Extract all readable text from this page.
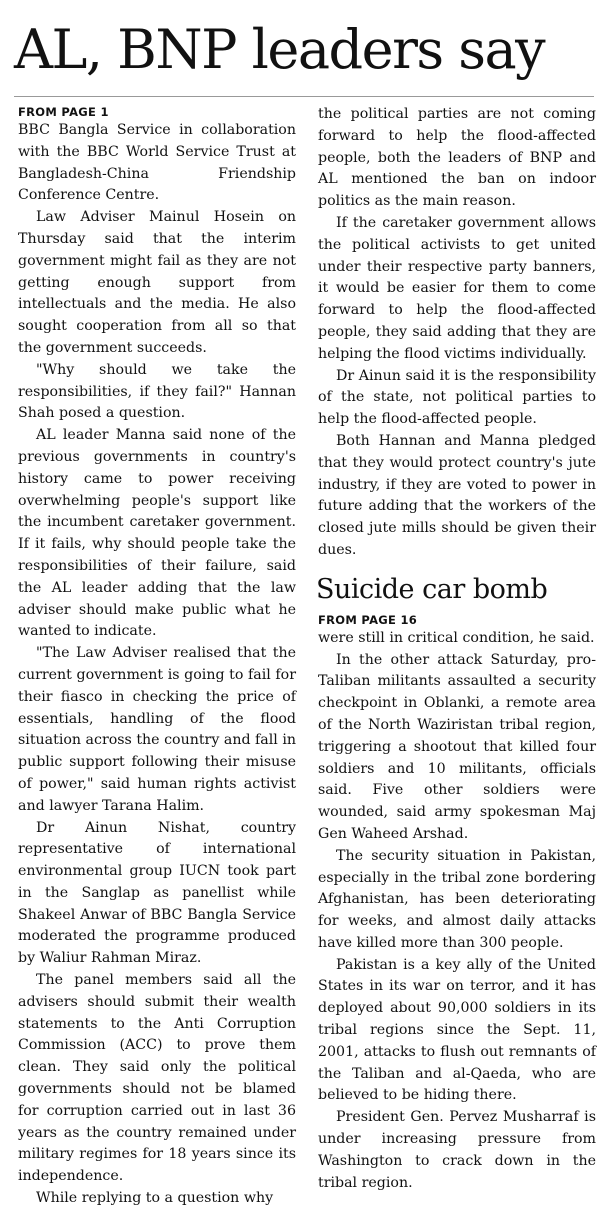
AL, BNP leaders say
FROM PAGE 1

BBC Bangla Service in collaboration with the BBC World Service Trust at Bangladesh-China Friendship Conference Centre.

Law Adviser Mainul Hosein on Thursday said that the interim government might fail as they are not getting enough support from intellectuals and the media. He also sought cooperation from all so that the government succeeds.

"Why should we take the responsibilities, if they fail?" Hannan Shah posed a question.

AL leader Manna said none of the previous governments in country's history came to power receiving overwhelming people's support like the incumbent caretaker government. If it fails, why should people take the responsibilities of their failure, said the AL leader adding that the law adviser should make public what he wanted to indicate.

"The Law Adviser realised that the current government is going to fail for their fiasco in checking the price of essentials, handling of the flood situation across the country and fall in public support following their misuse of power," said human rights activist and lawyer Tarana Halim.

Dr Ainun Nishat, country representative of international environmental group IUCN took part in the Sanglap as panellist while Shakeel Anwar of BBC Bangla Service moderated the programme produced by Waliur Rahman Miraz.

The panel members said all the advisers should submit their wealth statements to the Anti Corruption Commission (ACC) to prove them clean. They said only the political governments should not be blamed for corruption carried out in last 36 years as the country remained under military regimes for 18 years since its independence.

While replying to a question why

the political parties are not coming forward to help the flood-affected people, both the leaders of BNP and AL mentioned the ban on indoor politics as the main reason.

If the caretaker government allows the political activists to get united under their respective party banners, it would be easier for them to come forward to help the flood-affected people, they said adding that they are helping the flood victims individually.

Dr Ainun said it is the responsibility of the state, not political parties to help the flood-affected people.

Both Hannan and Manna pledged that they would protect country's jute industry, if they are voted to power in future adding that the workers of the closed jute mills should be given their dues.

Suicide car bomb
FROM PAGE 16

were still in critical condition, he said.

In the other attack Saturday, pro-Taliban militants assaulted a security checkpoint in Oblanki, a remote area of the North Waziristan tribal region, triggering a shootout that killed four soldiers and 10 militants, officials said. Five other soldiers were wounded, said army spokesman Maj Gen Waheed Arshad.

The security situation in Pakistan, especially in the tribal zone bordering Afghanistan, has been deteriorating for weeks, and almost daily attacks have killed more than 300 people.

Pakistan is a key ally of the United States in its war on terror, and it has deployed about 90,000 soldiers in its tribal regions since the Sept. 11, 2001, attacks to flush out remnants of the Taliban and al-Qaeda, who are believed to be hiding there.

President Gen. Pervez Musharraf is under increasing pressure from Washington to crack down in the tribal region.
